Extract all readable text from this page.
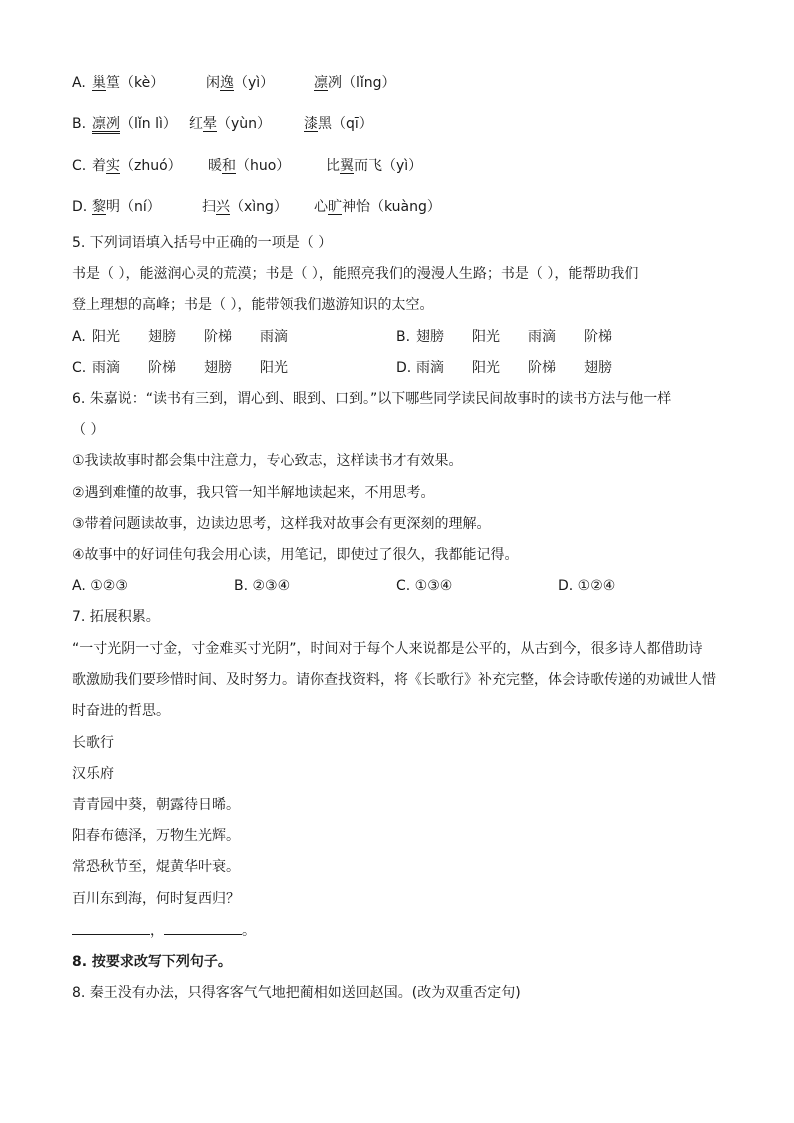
A. 巢篁（kè）	闲逸（yì）	凛冽（lǐng）
B. 凛冽（lǐn lì） 红晕（yùn） 漆黑（qī）
C. 着实（zhuó） 暖和（huo）	比翼而飞（yì）
D. 黎明（ní）	扫兴（xìng） 心旷神怡（kuàng）
5. 下列词语填入括号中正确的一项是（ ）
书是（ ），能滋润心灵的荒漠；书是（ ），能照亮我们的漫漫人生路；书是（ ），能帮助我们
登上理想的高峰；书是（ ），能带领我们遨游知识的太空。
A. 阳光 翅膀 阶梯 雨滴	B. 翅膀 阳光 雨滴 阶梯
C. 雨滴 阶梯 翅膀 阳光	D. 雨滴 阳光 阶梯 翅膀
6. 朱嘉说：“读书有三到，谓心到、眼到、口到。”以下哪些同学读民间故事时的读书方法与他一样
（ ）
①我读故事时都会集中注意力，专心致志，这样读书才有效果。
②遇到难懂的故事，我只管一知半解地读起来，不用思考。
③带着问题读故事，边读边思考，这样我对故事会有更深刻的理解。
④故事中的好词佳句我会用心读，用笔记，即使过了很久，我都能记得。
A. ①②③	B. ②③④	C. ①③④	D. ①②④
7. 拓展积累。
“一寸光阴一寸金，寸金难买寸光阴”，时间对于每个人来说都是公平的，从古到今，很多诗人都借助诗
歌激励我们要珍惜时间、及时努力。请你查找资料，将《长歌行》补充完整，体会诗歌传递的劝诫世人惜
时奋进的哲思。
长歌行
汉乐府
青青园中葵，朝露待日晞。
阳春布德泽，万物生光辉。
常恐秋节至，焜黄华叶衰。
百川东到海，何时复西归？
，	。
8. 按要求改写下列句子。
8. 秦王没有办法，只得客客气气地把蔺相如送回赵国。(改为双重否定句)
